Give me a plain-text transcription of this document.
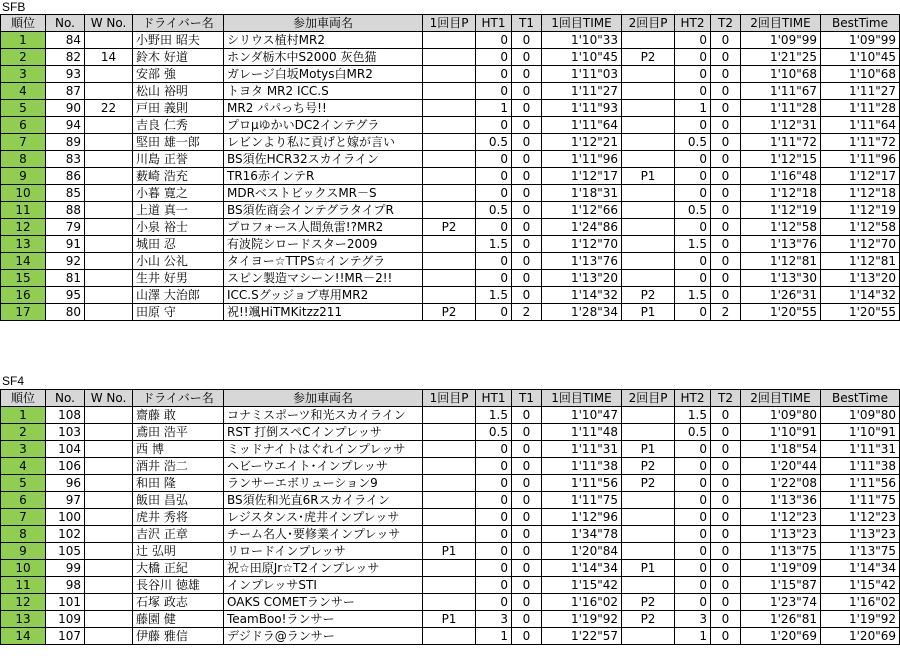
SFB
順位	No.	W No.	ドライバー名	参加車両名	1回目P	HT1	T1	1回目TIME	2回目P	HT2	T2	2回目TIME	BestTime
1	84		小野田 昭夫	シリウス植村MR2		0	0	1'10"33		0	0	1'09"99	1'09"99
2	82	14	鈴木 好道	ホンダ栃木中S2000 灰色猫		0	0	1'10"45	P2	0	0	1'21"25	1'10"45
3	93		安部 強	ガレージ白坂Motys白MR2		0	0	1'11"03		0	0	1'10"68	1'10"68
4	87		松山 裕明	トヨタ MR2 ICC.S		0	0	1'11"27		0	0	1'11"67	1'11"27
5	90	22	戸田 義則	MR2 パパっち号!!		1	0	1'11"93		1	0	1'11"28	1'11"28
6	94		吉良 仁秀	プロμゆかいDC2インテグラ		0	0	1'11"64		0	0	1'12"31	1'11"64
7	89		堅田 雄一郎	レビンより私に貢げと嫁が言い		0.5	0	1'12"21		0.5	0	1'11"72	1'11"72
8	83		川島 正誉	BS須佐HCR32スカイライン		0	0	1'11"96		0	0	1'12"15	1'11"96
9	86		薮崎 浩充	TR16赤インテR		0	0	1'12"17	P1	0	0	1'16"48	1'12"17
10	85		小暮 寛之	MDRベストビックスMR－S		0	0	1'18"31		0	0	1'12"18	1'12"18
11	88		上道 真一	BS須佐商会インテグラタイプR		0.5	0	1'12"66		0.5	0	1'12"19	1'12"19
12	79		小泉 裕士	プロフォース人間魚雷!?MR2	P2	0	0	1'24"86		0	0	1'12"58	1'12"58
13	91		城田 忍	有波院シロードスター2009		1.5	0	1'12"70		1.5	0	1'13"76	1'12"70
14	92		小山 公礼	タイヨー☆TTPS☆インテグラ		0	0	1'13"76		0	0	1'12"81	1'12"81
15	81		生井 好男	スピン製造マシーン!!MR－2!!		0	0	1'13"20		0	0	1'13"30	1'13"20
16	95		山澤 大治郎	ICC.Sグッジョブ専用MR2		1.5	0	1'14"32	P2	1.5	0	1'26"31	1'14"32
17	80		田原 守	祝!!颯HiTMKitzz211	P2	0	2	1'28"34	P1	0	2	1'20"55	1'20"55
SF4
順位	No.	W No.	ドライバー名	参加車両名	1回目P	HT1	T1	1回目TIME	2回目P	HT2	T2	2回目TIME	BestTime
1	108		齋藤 敢	コナミスポーツ和光スカイライン		1.5	0	1'10"47		1.5	0	1'09"80	1'09"80
2	103		鳶田 浩平	RST 打倒スペCインプレッサ		0.5	0	1'11"48		0.5	0	1'10"91	1'10"91
3	104		西 博	ミッドナイトはぐれインプレッサ		0	0	1'11"31	P1	0	0	1'18"54	1'11"31
4	106		酒井 浩二	ヘビーウエイト･インプレッサ		0	0	1'11"38	P2	0	0	1'20"44	1'11"38
5	96		和田 隆	ランサーエボリューション9		0	0	1'11"56	P2	0	0	1'22"08	1'11"56
6	97		飯田 昌弘	BS須佐和光直6Rスカイライン		0	0	1'11"75		0	0	1'13"36	1'11"75
7	100		虎井 秀将	レジスタンス･虎井インプレッサ		0	0	1'12"96		0	0	1'12"23	1'12"23
8	102		吉沢 正章	チーム名人･要修業インプレッサ		0	0	1'34"78		0	0	1'13"23	1'13"23
9	105		辻 弘明	リロードインプレッサ	P1	0	0	1'20"84		0	0	1'13"75	1'13"75
10	99		大橋 正紀	祝☆田原Jr☆T2インプレッサ		0	0	1'14"34	P1	0	0	1'19"09	1'14"34
11	98		長谷川 徳雄	インプレッサSTI		0	0	1'15"42		0	0	1'15"87	1'15"42
12	101		石塚 政志	OAKS COMETランサー		0	0	1'16"02	P2	0	0	1'23"74	1'16"02
13	109		藤園 健	TeamBoo!ランサー	P1	3	0	1'19"92	P2	3	0	1'26"81	1'19"92
14	107		伊藤 雅信	デジドラ@ランサー		1	0	1'22"57		1	0	1'20"69	1'20"69
